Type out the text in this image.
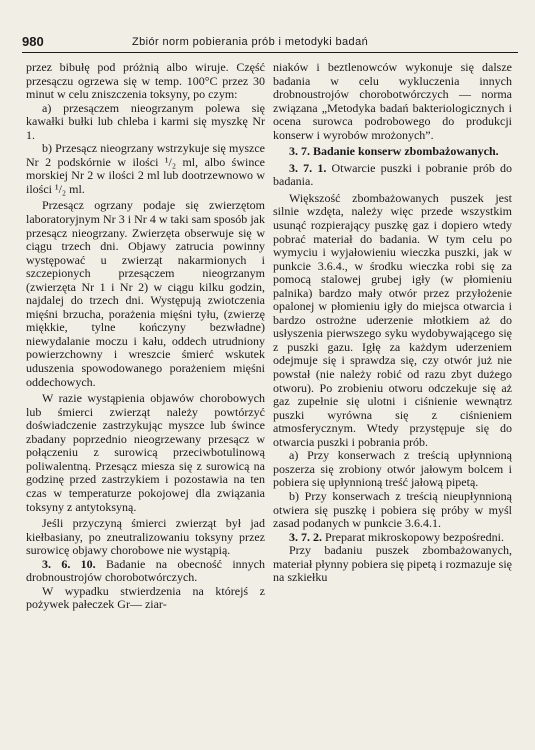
980	Zbiór norm pobierania prób i metodyki badań

przez bibułę pod próżnią albo wiruje. Część przesączu ogrzewa się w temp. 100°C przez 30 minut w celu zniszczenia toksyny, po czym:

a) przesączem nieogrzanym polewa się kawałki bułki lub chleba i karmi się myszkę Nr 1.

b) Przesącz nieogrzany wstrzykuje się myszce Nr 2 podskórnie w ilości ¹/₂ ml, albo śwince morskiej Nr 2 w ilości 2 ml lub dootrzewnowo w ilości ¹/₂ ml.

Przesącz ogrzany podaje się zwierzętom laboratoryjnym Nr 3 i Nr 4 w taki sam sposób jak przesącz nieogrzany. Zwierzęta obserwuje się w ciągu trzech dni. Objawy zatrucia powinny występować u zwierząt nakarmionych i szczepionych przesączem nieogrzanym (zwierzęta Nr 1 i Nr 2) w ciągu kilku godzin, najdalej do trzech dni. Występują zwiotczenia mięśni brzucha, porażenia mięśni tyłu, (zwierzę miękkie, tylne kończyny bezwładne) niewydalanie moczu i kału, oddech utrudniony powierzchowny i wreszcie śmierć wskutek uduszenia spowodowanego porażeniem mięśni oddechowych.

W razie wystąpienia objawów chorobowych lub śmierci zwierząt należy powtórzyć doświadczenie zastrzykując myszce lub śwince zbadany poprzednio nieogrzewany przesącz w połączeniu z surowicą przeciwbotulinową poliwalentną. Przesącz miesza się z surowicą na godzinę przed zastrzykiem i pozostawia na ten czas w temperaturze pokojowej dla związania toksyny z antytoksyną.

Jeśli przyczyną śmierci zwierząt był jad kiełbasiany, po zneutralizowaniu toksyny przez surowicę objawy chorobowe nie wystąpią.

3. 6. 10. Badanie na obecność innych drobnoustrojów chorobotwórczych.

W wypadku stwierdzenia na którejś z pożywek pałeczek Gr— ziar-

niaków i beztlenowców wykonuje się dalsze badania w celu wykluczenia innych drobnoustrojów chorobotwórczych — norma związana „Metodyka badań bakteriologicznych i ocena surowca podrobowego do produkcji konserw i wyrobów mrożonych”.

3. 7. Badanie konserw zbombażowanych.

3. 7. 1. Otwarcie puszki i pobranie prób do badania.

Większość zbombażowanych puszek jest silnie wzdęta, należy więc przede wszystkim usunąć rozpierający puszkę gaz i dopiero wtedy pobrać materiał do badania. W tym celu po wymyciu i wyjałowieniu wieczka puszki, jak w punkcie 3.6.4., w środku wieczka robi się za pomocą stalowej grubej igły (w płomieniu palnika) bardzo mały otwór przez przyłożenie opalonej w płomieniu igły do miejsca otwarcia i bardzo ostrożne uderzenie młotkiem aż do usłyszenia pierwszego syku wydobywającego się z puszki gazu. Igłę za każdym uderzeniem odejmuje się i sprawdza się, czy otwór już nie powstał (nie należy robić od razu zbyt dużego otworu). Po zrobieniu otworu odczekuje się aż gaz zupełnie się ulotni i ciśnienie wewnątrz puszki wyrówna się z ciśnieniem atmosferycznym. Wtedy przystępuje się do otwarcia puszki i pobrania prób.

a) Przy konserwach z treścią upłynnioną poszerza się zrobiony otwór jałowym bolcem i pobiera się upłynnioną treść jałową pipetą.

b) Przy konserwach z treścią nieupłynnioną otwiera się puszkę i pobiera się próby w myśl zasad podanych w punkcie 3.6.4.1.

3. 7. 2. Preparat mikroskopowy bezpośredni.

Przy badaniu puszek zbombażowanych, materiał płynny pobiera się pipetą i rozmazuje się na szkiełku
